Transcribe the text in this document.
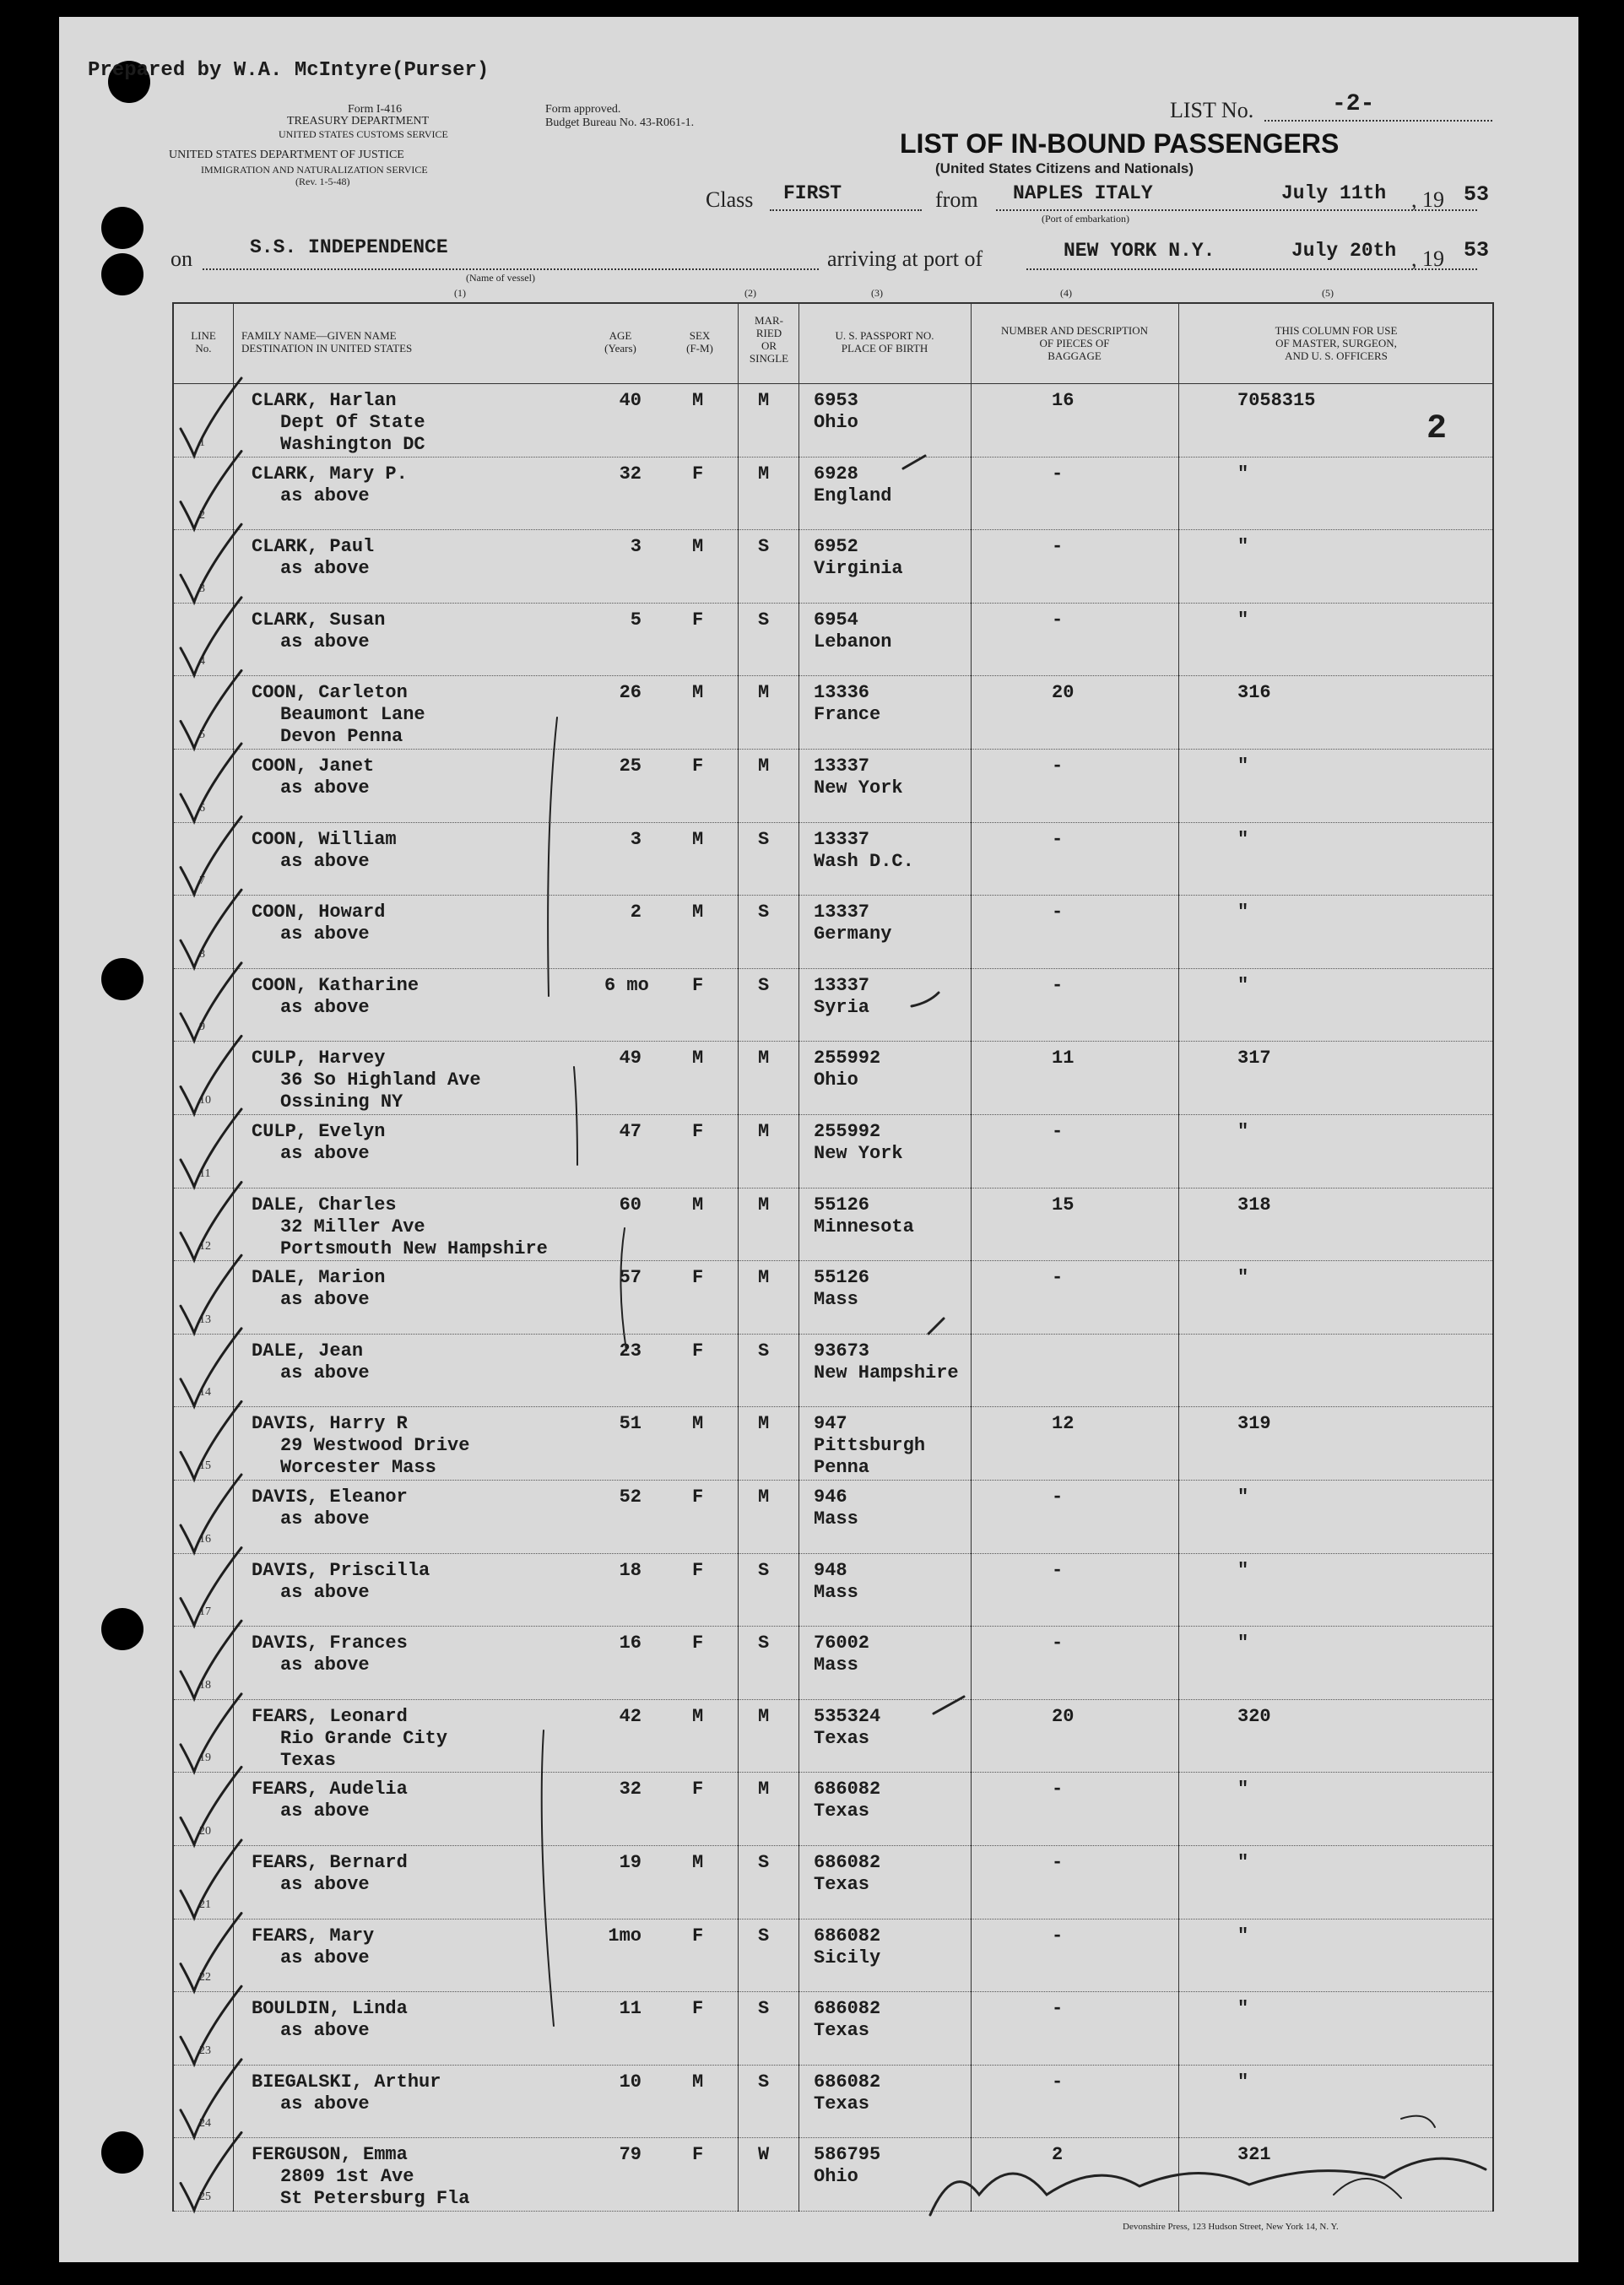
Prepared by W.A. McIntyre(Purser)
Form I-416
TREASURY DEPARTMENT
UNITED STATES CUSTOMS SERVICE
UNITED STATES DEPARTMENT OF JUSTICE
IMMIGRATION AND NATURALIZATION SERVICE
(Rev. 1-5-48)
Form approved.
Budget Bureau No. 43-R061-1.
LIST No.	-2-
LIST OF IN-BOUND PASSENGERS
(United States Citizens and Nationals)
Class FIRST	from NAPLES ITALY
(Port of embarkation)
July 11th , 19 53
on	S.S. INDEPENDENCE
(Name of vessel)
arriving at port of	NEW YORK N.Y.	July 20th , 19 53
(1)	(2)	(3)	(4)	(5)
LINE
No.
FAMILY NAME—GIVEN NAME
DESTINATION IN UNITED STATES
AGE
(Years)
SEX
(F-M)
MAR-
RIED
OR
SINGLE
U. S. PASSPORT NO.
PLACE OF BIRTH
NUMBER AND DESCRIPTION
OF PIECES OF
BAGGAGE
THIS COLUMN FOR USE
OF MASTER, SURGEON,
AND U. S. OFFICERS
1
CLARK, Harlan
Dept Of State
Washington DC
40	M	M 6953
Ohio
16	7058315
2
CLARK, Mary P.
as above
32	F	M 6928
England
-	"
3
CLARK, Paul
as above
3	M	S 6952
Virginia
-	"
4
CLARK, Susan
as above
5	F	S 6954
Lebanon
-	"
5
COON, Carleton
Beaumont Lane
Devon Penna
26	M	M 13336
France
20	316
6
COON, Janet
as above
25	F	M 13337
New York
-	"
7
COON, William
as above
3	M	S 13337
Wash D.C.
-	"
8
COON, Howard
as above
2	M	S 13337
Germany
-	"
9
COON, Katharine
as above
6 mo F	S 13337
Syria
-	"
10
CULP, Harvey
36 So Highland Ave
Ossining NY
49	M	M 255992
Ohio
11	317
11
CULP, Evelyn
as above
47	F	M 255992
New York
-	"
12
DALE, Charles
32 Miller Ave
Portsmouth New Hampshire
60	M	M 55126
Minnesota
15	318
13
DALE, Marion
as above
57	F	M 55126
Mass
-	"
14
DALE, Jean
as above
23	F	S 93673
New Hampshire
15
DAVIS, Harry R
29 Westwood Drive
Worcester Mass
51	M	M 947
Pittsburgh
Penna
12	319
16
DAVIS, Eleanor
as above
52	F	M 946
Mass
-	"
17
DAVIS, Priscilla
as above
18	F	S 948
Mass
-	"
18
DAVIS, Frances
as above
16	F	S 76002
Mass
-	"
19
FEARS, Leonard
Rio Grande City
Texas
42	M	M 535324
Texas
20	320
20
FEARS, Audelia
as above
32	F	M 686082
Texas
-	"
21
FEARS, Bernard
as above
19	M	S 686082
Texas
-	"
22
FEARS, Mary
as above
1mo	F	S 686082
Sicily
-	"
23
BOULDIN, Linda
as above
11	F	S 686082
Texas
-	"
24
BIEGALSKI, Arthur
as above
10	M	S 686082
Texas
-	"
25
FERGUSON, Emma
2809 1st Ave
St Petersburg Fla
79	F	W 586795
Ohio
2	321
2
Devonshire Press, 123 Hudson Street, New York 14, N. Y.
